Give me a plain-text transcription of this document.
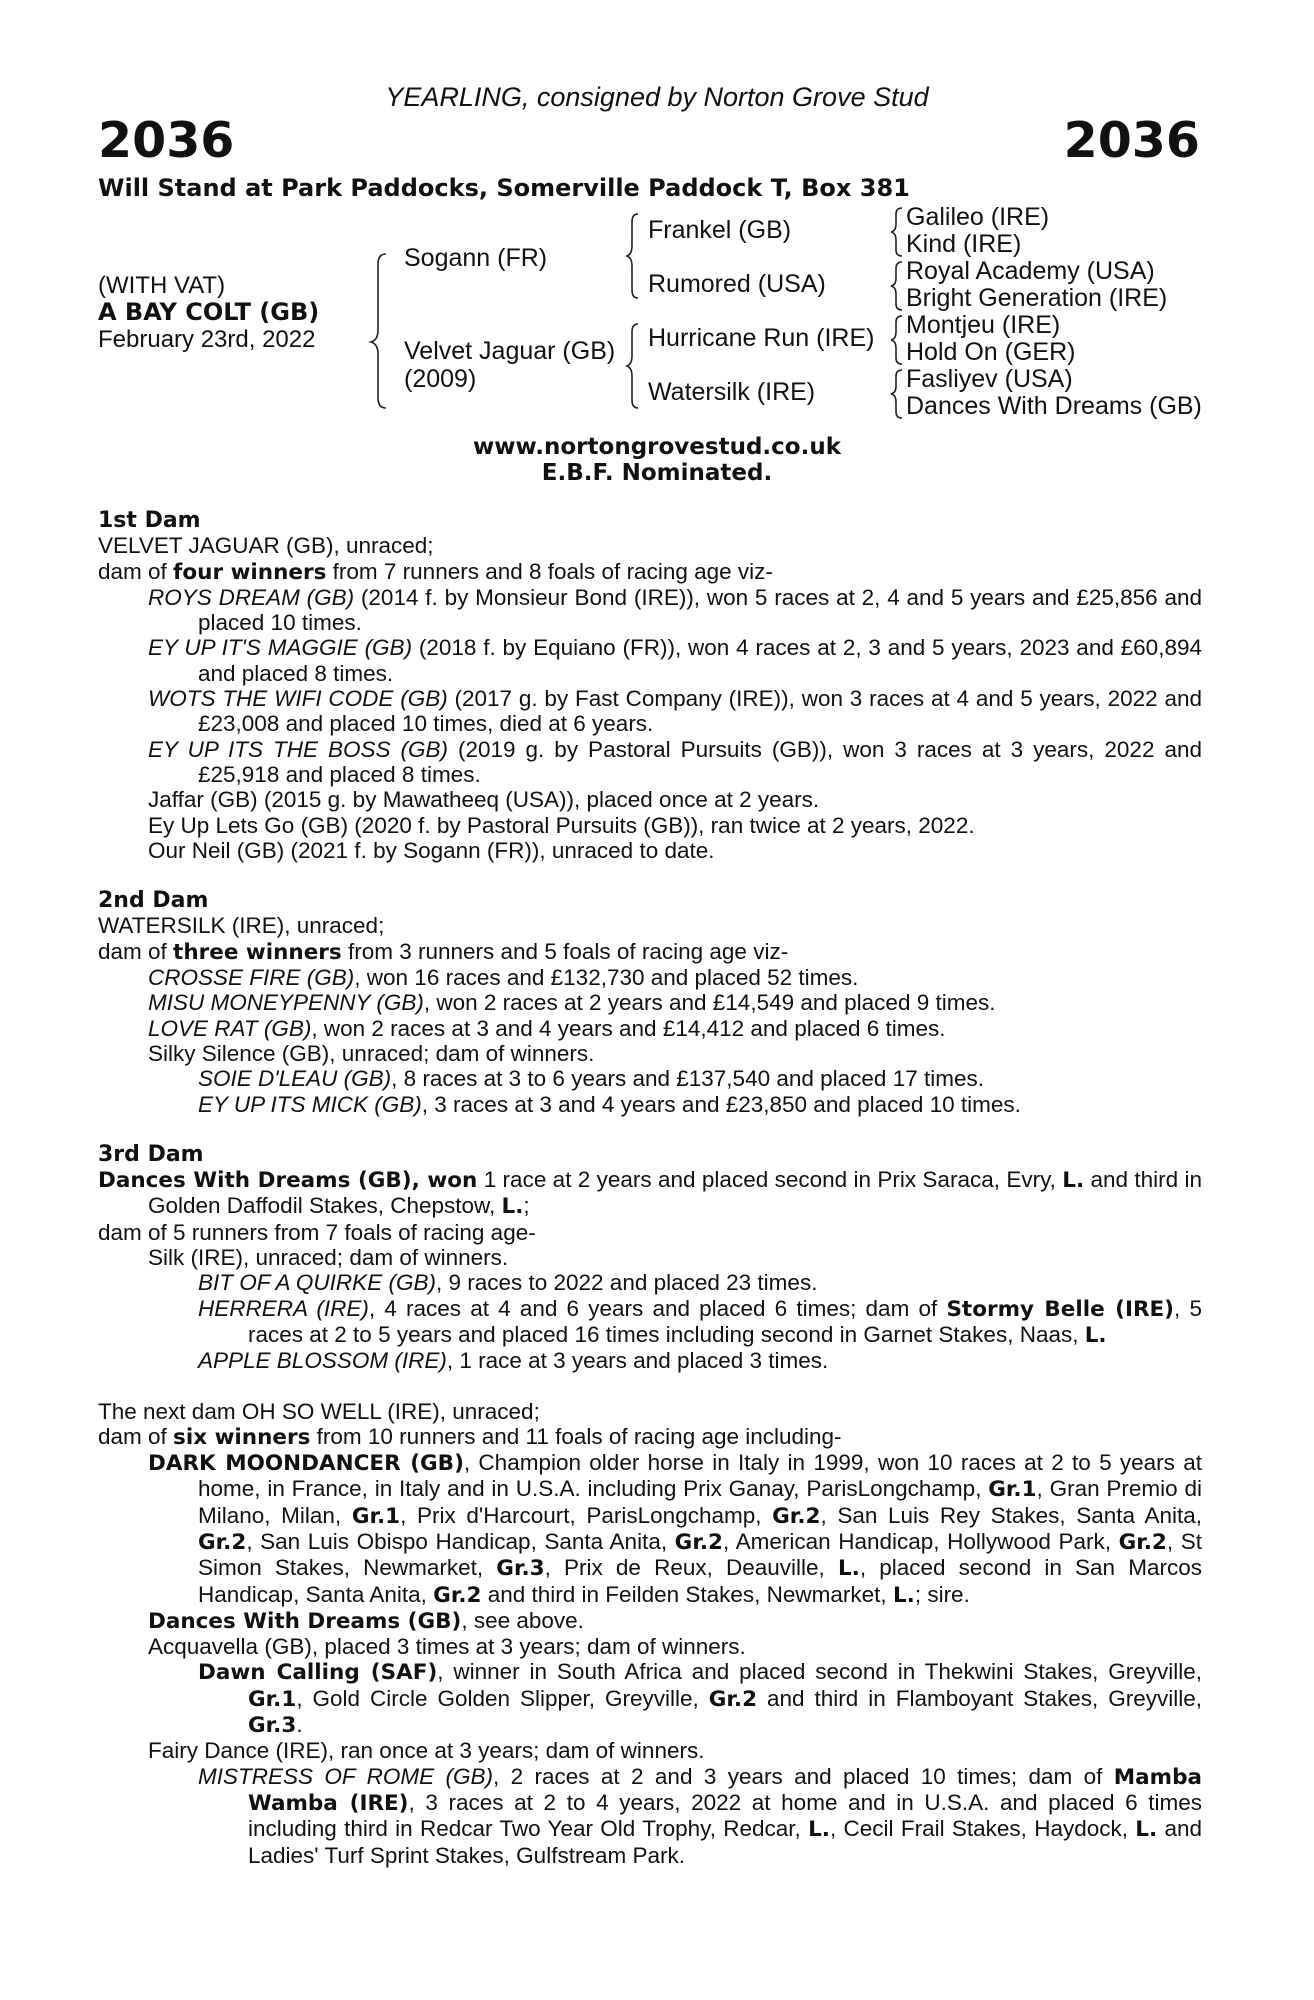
YEARLING, consigned by Norton Grove Stud
2036	2036
Will Stand at Park Paddocks, Somerville Paddock T, Box 381
(WITH VAT)
A BAY COLT (GB)
February 23rd, 2022
Sogann (FR)
Velvet Jaguar (GB)
(2009)
Frankel (GB)
Rumored (USA)
Hurricane Run (IRE)
Watersilk (IRE)
Galileo (IRE)
Kind (IRE)
Royal Academy (USA)
Bright Generation (IRE)
Montjeu (IRE)
Hold On (GER)
Fasliyev (USA)
Dances With Dreams (GB)
www.nortongrovestud.co.uk
E.B.F. Nominated.

1st Dam

VELVET JAGUAR (GB), unraced;

dam of four winners from 7 runners and 8 foals of racing age viz-

ROYS DREAM (GB) (2014 f. by Monsieur Bond (IRE)), won 5 races at 2, 4 and 5 years and £25,856 and placed 10 times.

EY UP IT'S MAGGIE (GB) (2018 f. by Equiano (FR)), won 4 races at 2, 3 and 5 years, 2023 and £60,894 and placed 8 times.

WOTS THE WIFI CODE (GB) (2017 g. by Fast Company (IRE)), won 3 races at 4 and 5 years, 2022 and £23,008 and placed 10 times, died at 6 years.

EY UP ITS THE BOSS (GB) (2019 g. by Pastoral Pursuits (GB)), won 3 races at 3 years, 2022 and £25,918 and placed 8 times.

Jaffar (GB) (2015 g. by Mawatheeq (USA)), placed once at 2 years.

Ey Up Lets Go (GB) (2020 f. by Pastoral Pursuits (GB)), ran twice at 2 years, 2022.

Our Neil (GB) (2021 f. by Sogann (FR)), unraced to date.

2nd Dam

WATERSILK (IRE), unraced;

dam of three winners from 3 runners and 5 foals of racing age viz-

CROSSE FIRE (GB), won 16 races and £132,730 and placed 52 times.

MISU MONEYPENNY (GB), won 2 races at 2 years and £14,549 and placed 9 times.

LOVE RAT (GB), won 2 races at 3 and 4 years and £14,412 and placed 6 times.

Silky Silence (GB), unraced; dam of winners.

SOIE D'LEAU (GB), 8 races at 3 to 6 years and £137,540 and placed 17 times.

EY UP ITS MICK (GB), 3 races at 3 and 4 years and £23,850 and placed 10 times.

3rd Dam

Dances With Dreams (GB), won 1 race at 2 years and placed second in Prix Saraca, Evry, L. and third in Golden Daffodil Stakes, Chepstow, L.;

dam of 5 runners from 7 foals of racing age-

Silk (IRE), unraced; dam of winners.

BIT OF A QUIRKE (GB), 9 races to 2022 and placed 23 times.

HERRERA (IRE), 4 races at 4 and 6 years and placed 6 times; dam of Stormy Belle (IRE), 5 races at 2 to 5 years and placed 16 times including second in Garnet Stakes, Naas, L.

APPLE BLOSSOM (IRE), 1 race at 3 years and placed 3 times.

The next dam OH SO WELL (IRE), unraced;

dam of six winners from 10 runners and 11 foals of racing age including-

DARK MOONDANCER (GB), Champion older horse in Italy in 1999, won 10 races at 2 to 5 years at home, in France, in Italy and in U.S.A. including Prix Ganay, ParisLongchamp, Gr.1, Gran Premio di Milano, Milan, Gr.1, Prix d'Harcourt, ParisLongchamp, Gr.2, San Luis Rey Stakes, Santa Anita, Gr.2, San Luis Obispo Handicap, Santa Anita, Gr.2, American Handicap, Hollywood Park, Gr.2, St Simon Stakes, Newmarket, Gr.3, Prix de Reux, Deauville, L., placed second in San Marcos Handicap, Santa Anita, Gr.2 and third in Feilden Stakes, Newmarket, L.; sire.

Dances With Dreams (GB), see above.

Acquavella (GB), placed 3 times at 3 years; dam of winners.

Dawn Calling (SAF), winner in South Africa and placed second in Thekwini Stakes, Greyville, Gr.1, Gold Circle Golden Slipper, Greyville, Gr.2 and third in Flamboyant Stakes, Greyville, Gr.3.

Fairy Dance (IRE), ran once at 3 years; dam of winners.

MISTRESS OF ROME (GB), 2 races at 2 and 3 years and placed 10 times; dam of Mamba Wamba (IRE), 3 races at 2 to 4 years, 2022 at home and in U.S.A. and placed 6 times including third in Redcar Two Year Old Trophy, Redcar, L., Cecil Frail Stakes, Haydock, L. and Ladies' Turf Sprint Stakes, Gulfstream Park.
